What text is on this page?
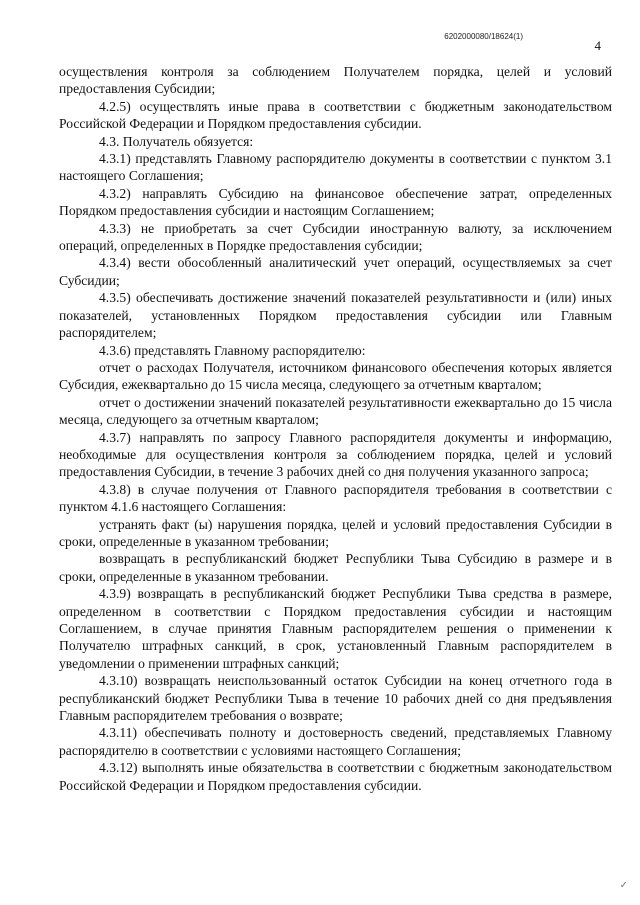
6202000080/18624(1)
4

осуществления контроля за соблюдением Получателем порядка, целей и условий предоставления Субсидии;

4.2.5) осуществлять иные права в соответствии с бюджетным законодательством Российской Федерации и Порядком предоставления субсидии.

4.3. Получатель обязуется:

4.3.1) представлять Главному распорядителю документы в соответствии с пунктом 3.1 настоящего Соглашения;

4.3.2) направлять Субсидию на финансовое обеспечение затрат, определенных Порядком предоставления субсидии и настоящим Соглашением;

4.3.3) не приобретать за счет Субсидии иностранную валюту, за исключением операций, определенных в Порядке предоставления субсидии;

4.3.4) вести обособленный аналитический учет операций, осуществляемых за счет Субсидии;

4.3.5) обеспечивать достижение значений показателей результативности и (или) иных показателей, установленных Порядком предоставления субсидии или Главным распорядителем;

4.3.6) представлять Главному распорядителю:

отчет о расходах Получателя, источником финансового обеспечения которых является Субсидия, ежеквартально до 15 числа месяца, следующего за отчетным кварталом;

отчет о достижении значений показателей результативности ежеквартально до 15 числа месяца, следующего за отчетным кварталом;

4.3.7) направлять по запросу Главного распорядителя документы и информацию, необходимые для осуществления контроля за соблюдением порядка, целей и условий предоставления Субсидии, в течение 3 рабочих дней со дня получения указанного запроса;

4.3.8) в случае получения от Главного распорядителя требования в соответствии с пунктом 4.1.6 настоящего Соглашения:

устранять факт (ы) нарушения порядка, целей и условий предоставления Субсидии в сроки, определенные в указанном требовании;

возвращать в республиканский бюджет Республики Тыва Субсидию в размере и в сроки, определенные в указанном требовании.

4.3.9) возвращать в республиканский бюджет Республики Тыва средства в размере, определенном в соответствии с Порядком предоставления субсидии и настоящим Соглашением, в случае принятия Главным распорядителем решения о применении к Получателю штрафных санкций, в срок, установленный Главным распорядителем в уведомлении о применении штрафных санкций;

4.3.10) возвращать неиспользованный остаток Субсидии на конец отчетного года в республиканский бюджет Республики Тыва в течение 10 рабочих дней со дня предъявления Главным распорядителем требования о возврате;

4.3.11) обеспечивать полноту и достоверность сведений, представляемых Главному распорядителю в соответствии с условиями настоящего Соглашения;

4.3.12) выполнять иные обязательства в соответствии с бюджетным законодательством Российской Федерации и Порядком предоставления субсидии.

✓
